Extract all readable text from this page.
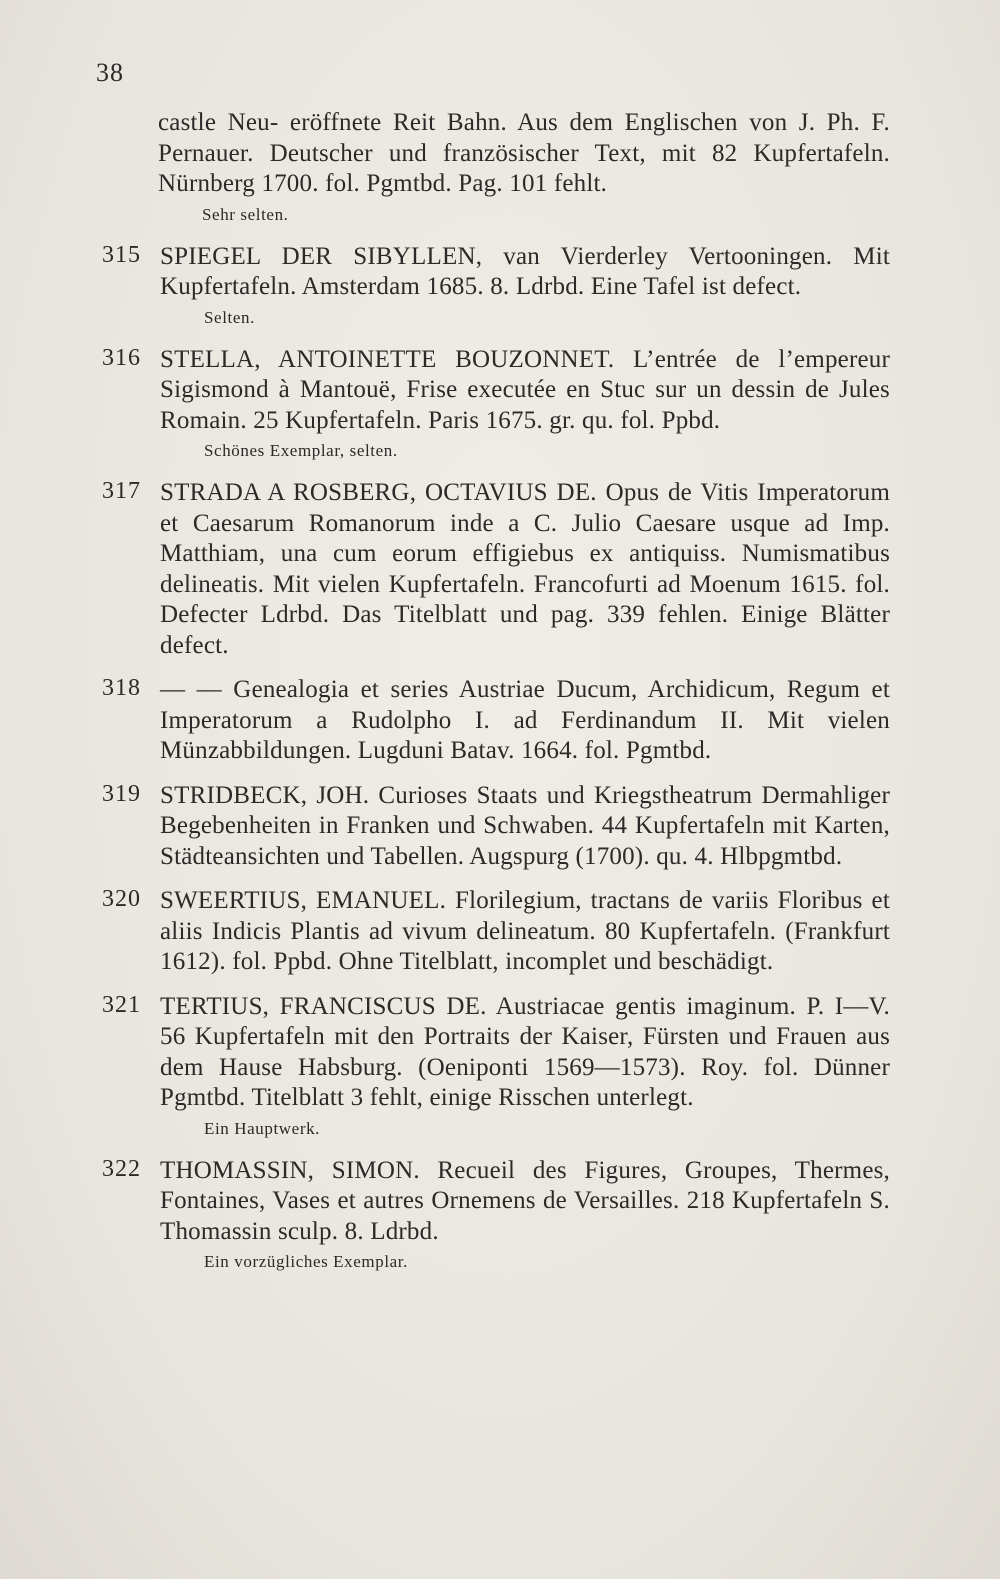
38
castle Neu- eröffnete Reit Bahn. Aus dem Englischen von J. Ph. F. Pernauer. Deutscher und französischer Text, mit 82 Kupfertafeln. Nürnberg 1700. fol. Pgmtbd. Pag. 101 fehlt.
Sehr selten.
315 SPIEGEL DER SIBYLLEN, van Vierderley Vertooningen. Mit Kupfertafeln. Amsterdam 1685. 8. Ldrbd. Eine Tafel ist defect.
Selten.
316 STELLA, ANTOINETTE BOUZONNET. L’entrée de l’empereur Sigismond à Mantouë, Frise executée en Stuc sur un dessin de Jules Romain. 25 Kupfertafeln. Paris 1675. gr. qu. fol. Ppbd.
Schönes Exemplar, selten.
317 STRADA A ROSBERG, OCTAVIUS DE. Opus de Vitis Imperatorum et Caesarum Romanorum inde a C. Julio Caesare usque ad Imp. Matthiam, una cum eorum effigiebus ex antiquiss. Numismatibus delineatis. Mit vielen Kupfertafeln. Francofurti ad Moenum 1615. fol. Defecter Ldrbd. Das Titelblatt und pag. 339 fehlen. Einige Blätter defect.
318 — — Genealogia et series Austriae Ducum, Archidicum, Regum et Imperatorum a Rudolpho I. ad Ferdinandum II. Mit vielen Münzabbildungen. Lugduni Batav. 1664. fol. Pgmtbd.
319 STRIDBECK, JOH. Curioses Staats und Kriegstheatrum Dermahliger Begebenheiten in Franken und Schwaben. 44 Kupfertafeln mit Karten, Städteansichten und Tabellen. Augspurg (1700). qu. 4. Hlbpgmtbd.
320 SWEERTIUS, EMANUEL. Florilegium, tractans de variis Floribus et aliis Indicis Plantis ad vivum delineatum. 80 Kupfertafeln. (Frankfurt 1612). fol. Ppbd. Ohne Titelblatt, incomplet und beschädigt.
321 TERTIUS, FRANCISCUS DE. Austriacae gentis imaginum. P. I—V. 56 Kupfertafeln mit den Portraits der Kaiser, Fürsten und Frauen aus dem Hause Habsburg. (Oeniponti 1569—1573). Roy. fol. Dünner Pgmtbd. Titelblatt 3 fehlt, einige Risschen unterlegt.
Ein Hauptwerk.
322 THOMASSIN, SIMON. Recueil des Figures, Groupes, Thermes, Fontaines, Vases et autres Ornemens de Versailles. 218 Kupfertafeln S. Thomassin sculp. 8. Ldrbd.
Ein vorzügliches Exemplar.
